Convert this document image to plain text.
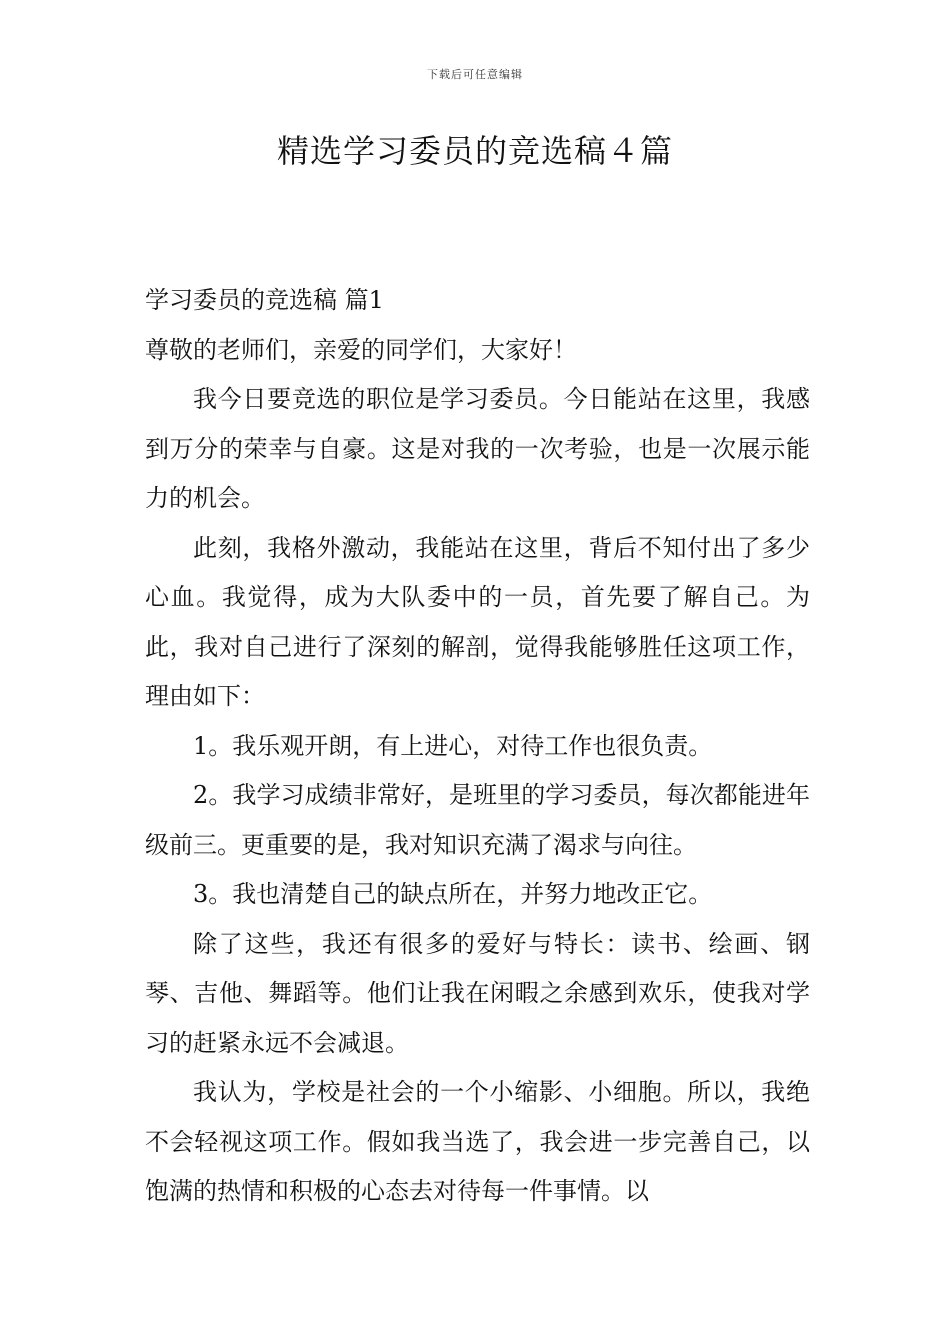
下载后可任意编辑
精选学习委员的竞选稿４篇

学习委员的竞选稿 篇1

尊敬的老师们，亲爱的同学们，大家好！

我今日要竞选的职位是学习委员。今日能站在这里，我感到万分的荣幸与自豪。这是对我的一次考验，也是一次展示能力的机会。

此刻，我格外激动，我能站在这里，背后不知付出了多少心血。我觉得，成为大队委中的一员，首先要了解自己。为此，我对自己进行了深刻的解剖，觉得我能够胜任这项工作，理由如下：

1。我乐观开朗，有上进心，对待工作也很负责。

2。我学习成绩非常好，是班里的学习委员，每次都能进年级前三。更重要的是，我对知识充满了渴求与向往。

3。我也清楚自己的缺点所在，并努力地改正它。

除了这些，我还有很多的爱好与特长：读书、绘画、钢琴、吉他、舞蹈等。他们让我在闲暇之余感到欢乐，使我对学习的赶紧永远不会减退。

我认为，学校是社会的一个小缩影、小细胞。所以，我绝不会轻视这项工作。假如我当选了，我会进一步完善自己，以饱满的热情和积极的心态去对待每一件事情。以
